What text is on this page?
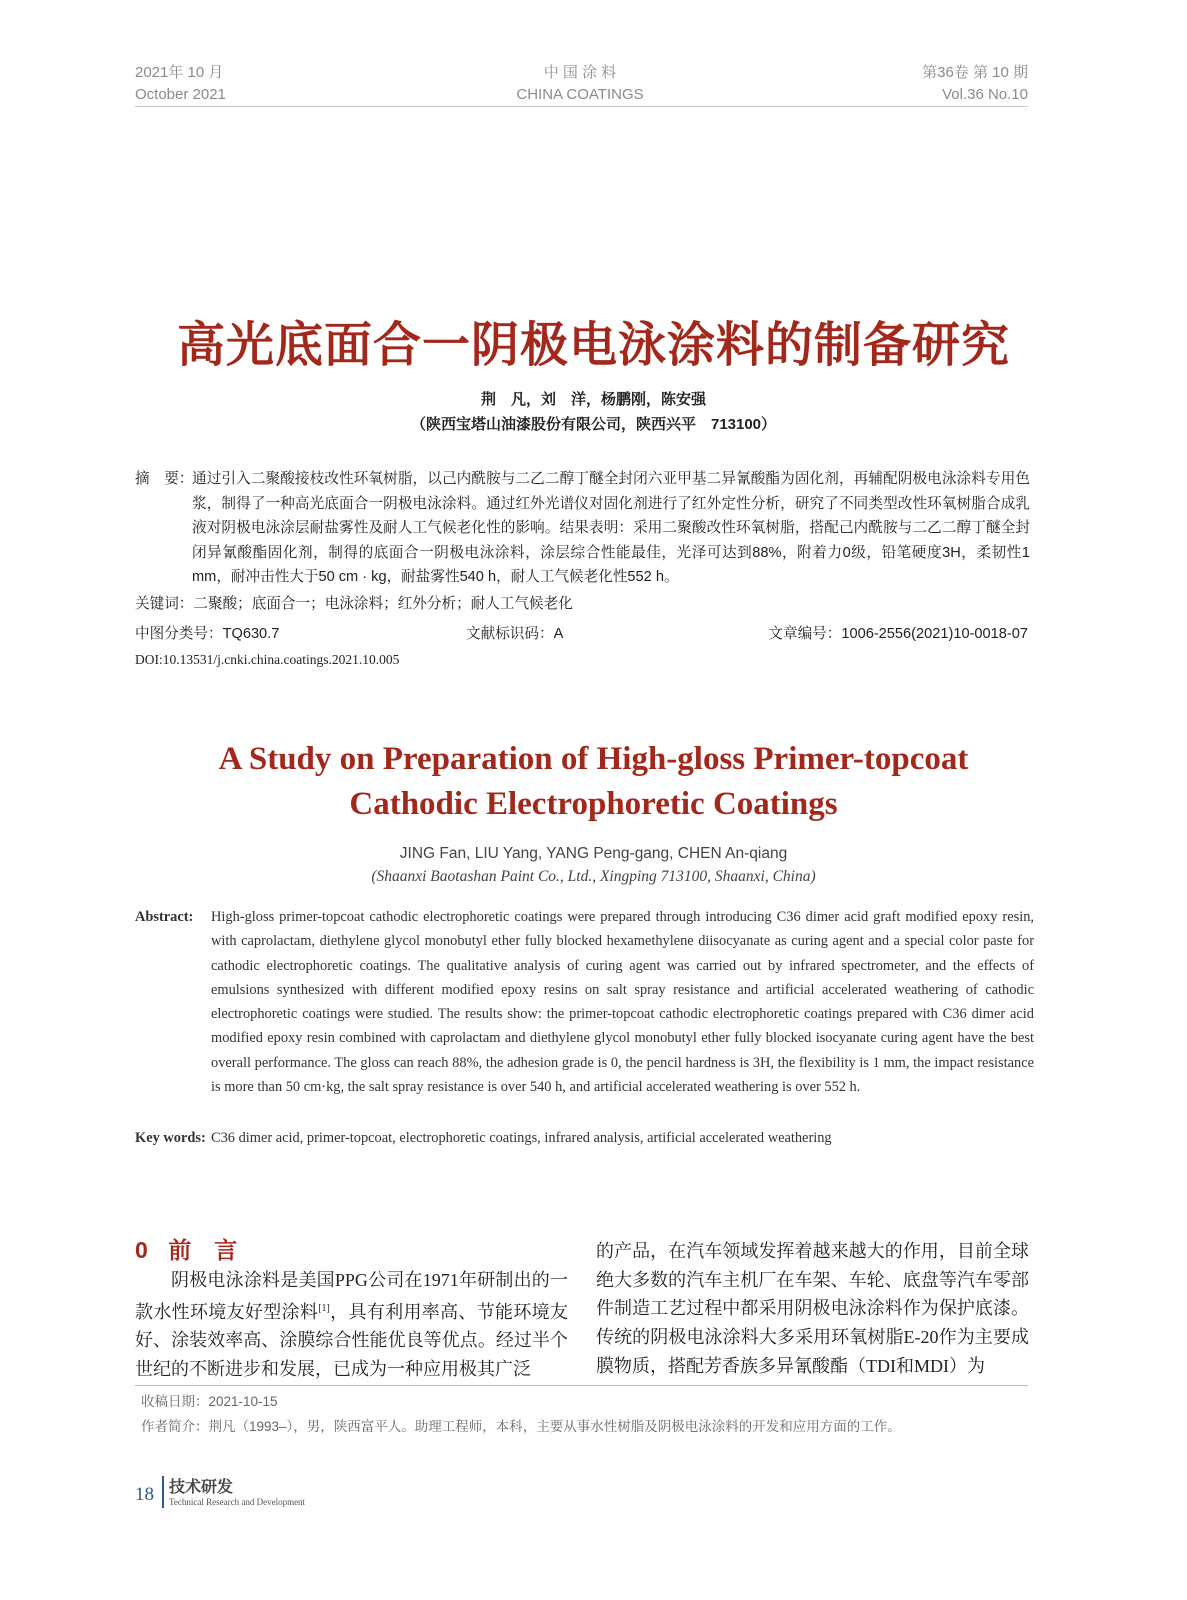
2021年 10 月
October 2021
中 国 涂 料
CHINA COATINGS
第36卷 第 10 期
Vol.36 No.10
高光底面合一阴极电泳涂料的制备研究
荆　凡，刘　洋，杨鹏刚，陈安强
（陕西宝塔山油漆股份有限公司，陕西兴平　713100）
摘　要：
通过引入二聚酸接枝改性环氧树脂，以己内酰胺与二乙二醇丁醚全封闭六亚甲基二异氰酸酯为固化剂，再辅配阴极电泳涂料专用色浆，制得了一种高光底面合一阴极电泳涂料。通过红外光谱仪对固化剂进行了红外定性分析，研究了不同类型改性环氧树脂合成乳液对阴极电泳涂层耐盐雾性及耐人工气候老化性的影响。结果表明：采用二聚酸改性环氧树脂，搭配己内酰胺与二乙二醇丁醚全封闭异氰酸酯固化剂，制得的底面合一阴极电泳涂料，涂层综合性能最佳，光泽可达到88%，附着力0级，铅笔硬度3H，柔韧性1 mm，耐冲击性大于50 cm · kg，耐盐雾性540 h，耐人工气候老化性552 h。
关键词：二聚酸；底面合一；电泳涂料；红外分析；耐人工气候老化
中图分类号：TQ630.7	文献标识码：A	文章编号：1006-2556(2021)10-0018-07
DOI:10.13531/j.cnki.china.coatings.2021.10.005
A Study on Preparation of High-gloss Primer-topcoat
Cathodic Electrophoretic Coatings
JING Fan, LIU Yang, YANG Peng-gang, CHEN An-qiang
(Shaanxi Baotashan Paint Co., Ltd., Xingping 713100, Shaanxi, China)
Abstract: High-gloss primer-topcoat cathodic electrophoretic coatings were prepared through introducing C36 dimer acid graft modified epoxy resin, with caprolactam, diethylene glycol monobutyl ether fully blocked hexamethylene diisocyanate as curing agent and a special color paste for cathodic electrophoretic coatings. The qualitative analysis of curing agent was carried out by infrared spectrometer, and the effects of emulsions synthesized with different modified epoxy resins on salt spray resistance and artificial accelerated weathering of cathodic electrophoretic coatings were studied. The results show: the primer-topcoat cathodic electrophoretic coatings prepared with C36 dimer acid modified epoxy resin combined with caprolactam and diethylene glycol monobutyl ether fully blocked isocyanate curing agent have the best overall performance. The gloss can reach 88%, the adhesion grade is 0, the pencil hardness is 3H, the flexibility is 1 mm, the impact resistance is more than 50 cm·kg, the salt spray resistance is over 540 h, and artificial accelerated weathering is over 552 h.
Key words: C36 dimer acid, primer-topcoat, electrophoretic coatings, infrared analysis, artificial accelerated weathering
0 前　言
阴极电泳涂料是美国PPG公司在1971年研制出的一款水性环境友好型涂料[1]，具有利用率高、节能环境友好、涂装效率高、涂膜综合性能优良等优点。经过半个世纪的不断进步和发展，已成为一种应用极其广泛
的产品，在汽车领域发挥着越来越大的作用，目前全球绝大多数的汽车主机厂在车架、车轮、底盘等汽车零部件制造工艺过程中都采用阴极电泳涂料作为保护底漆。传统的阴极电泳涂料大多采用环氧树脂E-20作为主要成膜物质，搭配芳香族多异氰酸酯（TDI和MDI）为
收稿日期：2021-10-15
作者简介：荆凡（1993–），男，陕西富平人。助理工程师，本科，主要从事水性树脂及阴极电泳涂料的开发和应用方面的工作。
18 技术研发
Technical Research and Development
